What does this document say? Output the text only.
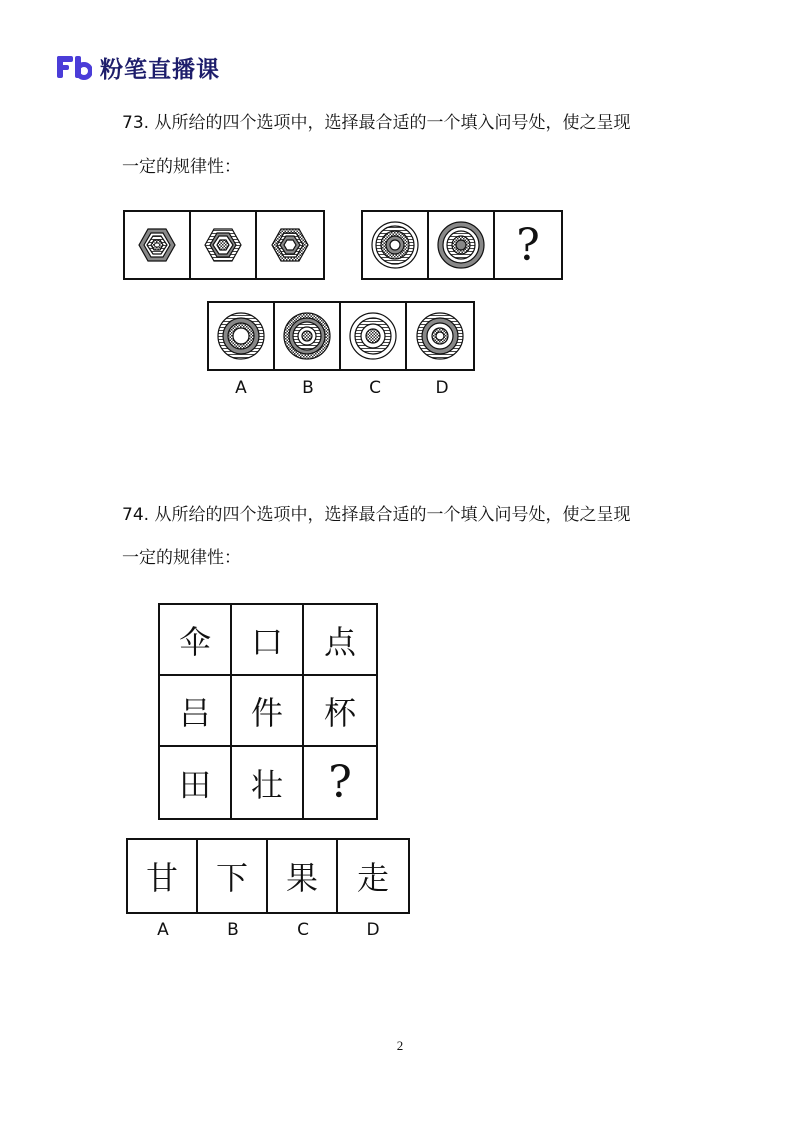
粉笔直播课
73. 从所给的四个选项中，选择最合适的一个填入问号处，使之呈现
一定的规律性：
?
A	B	C	D
74. 从所给的四个选项中，选择最合适的一个填入问号处，使之呈现
一定的规律性：
伞	口	点
吕	件	杯
田	壮	?
甘	下	果	走
A	B	C	D
2
